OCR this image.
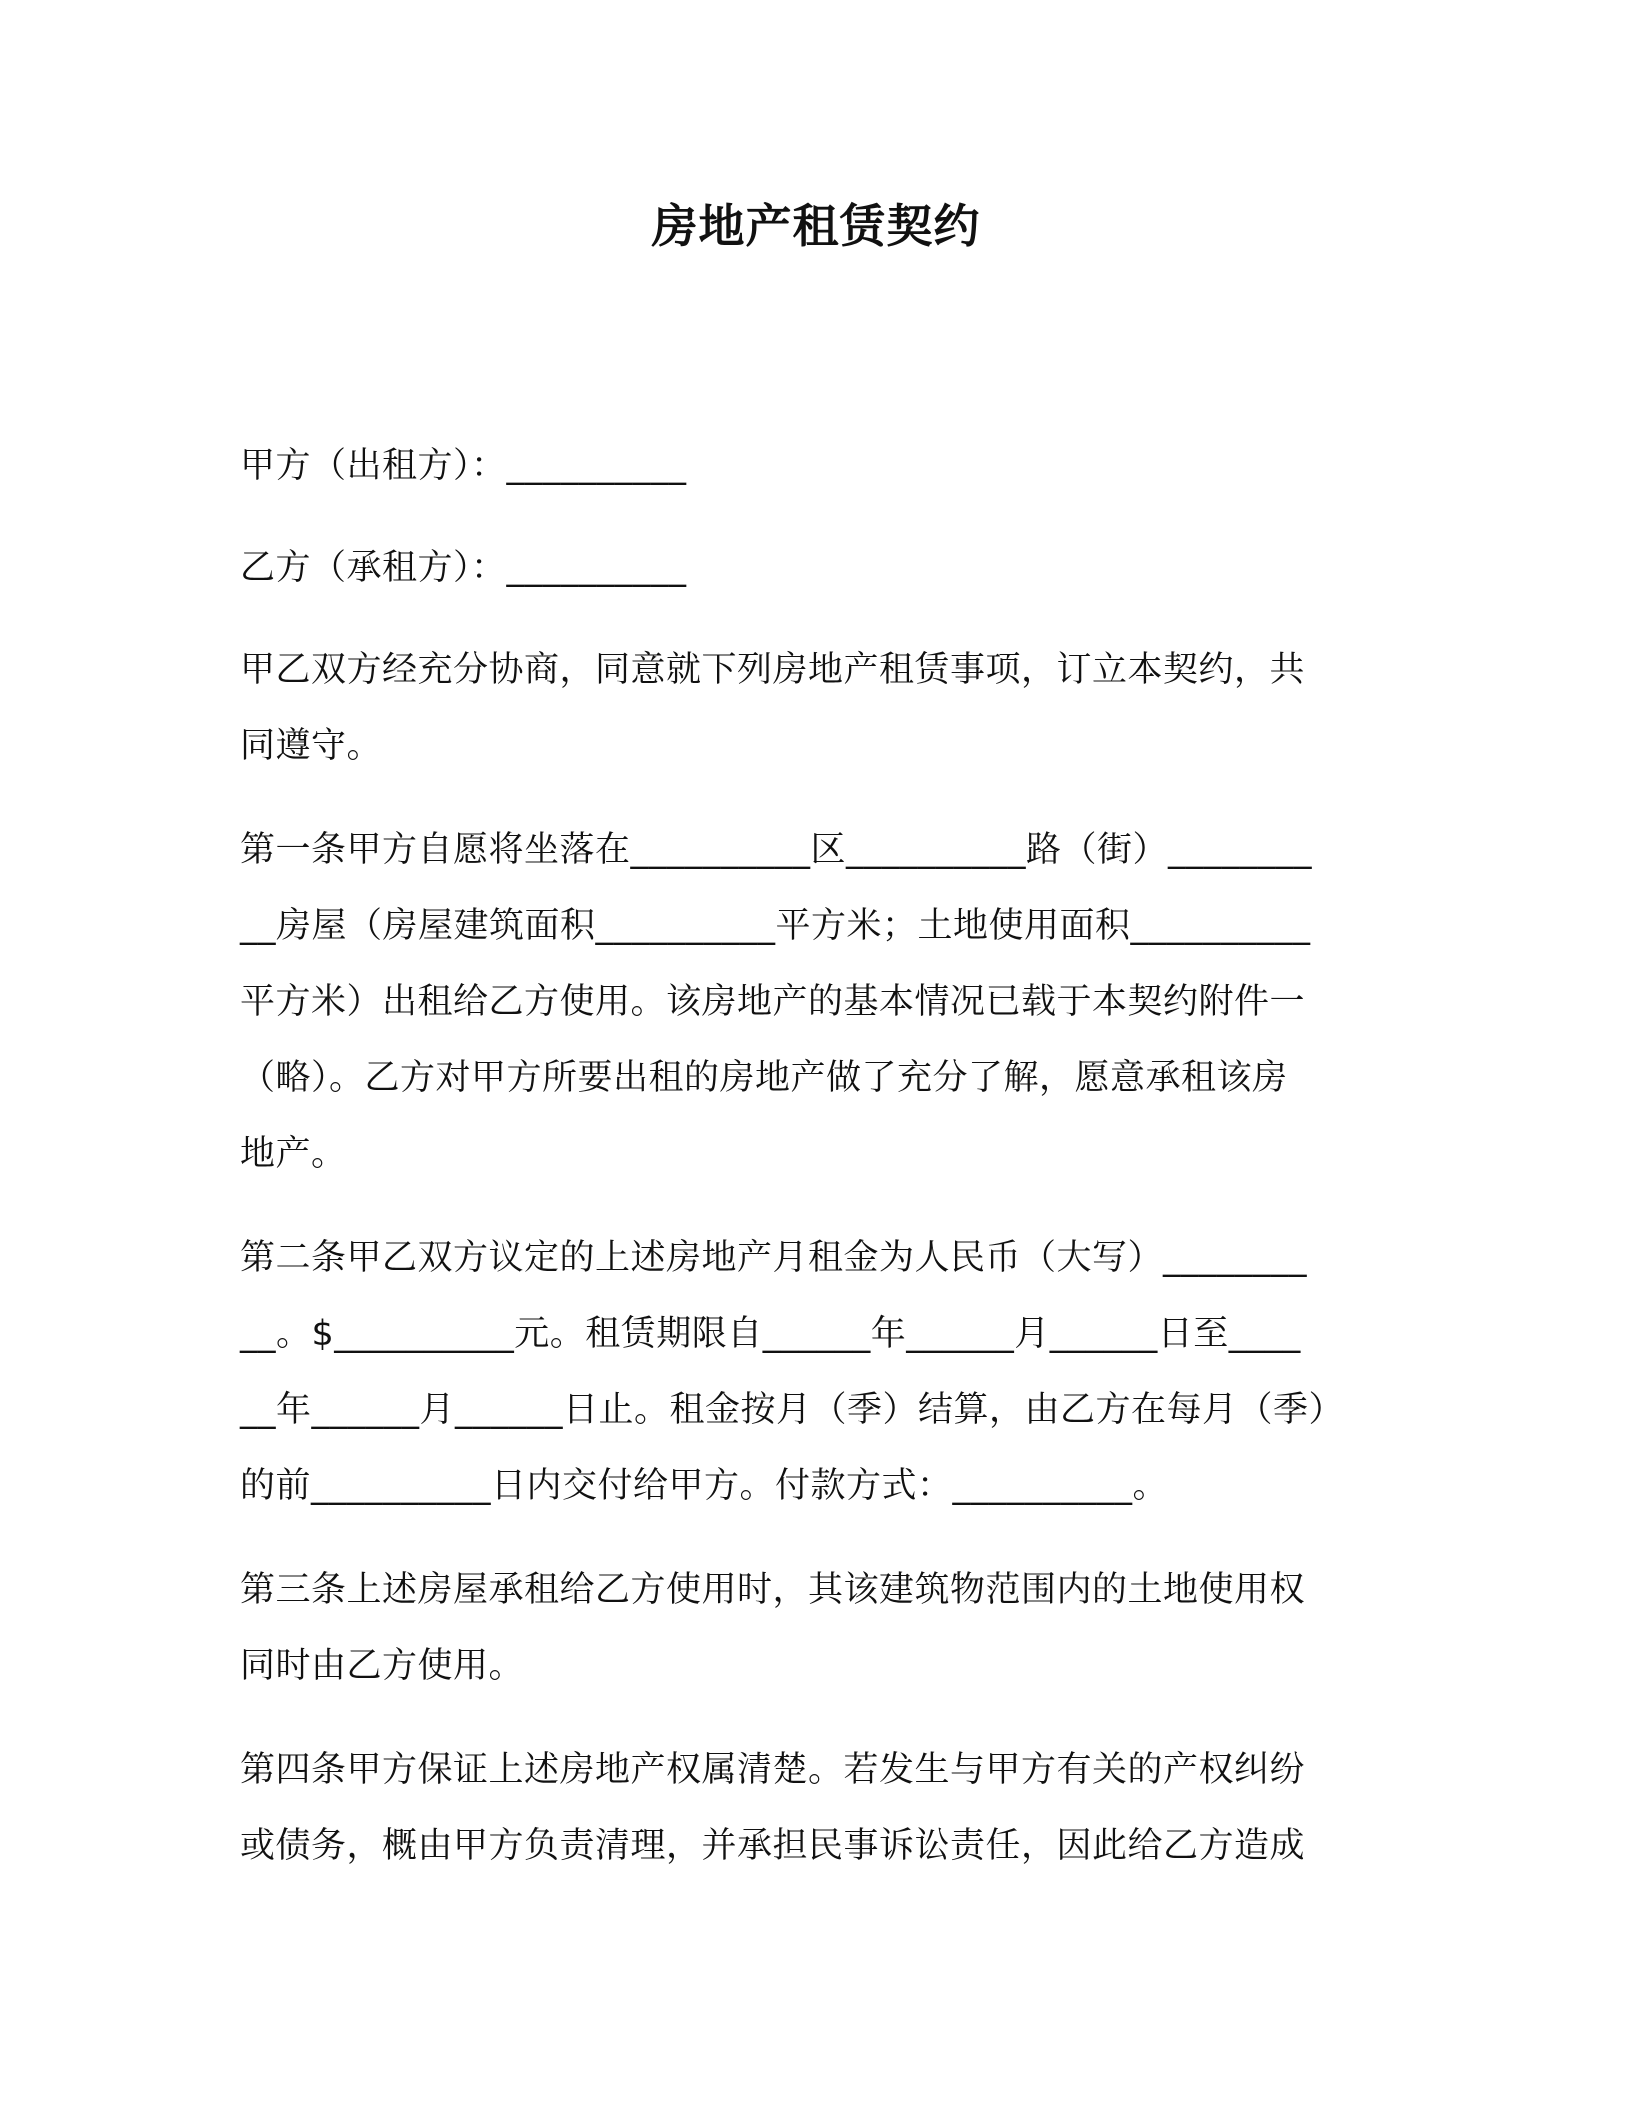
房地产租赁契约
甲方（出租方）：__________
乙方（承租方）：__________
甲乙双方经充分协商，同意就下列房地产租赁事项，订立本契约，共
同遵守。
第一条甲方自愿将坐落在__________区__________路（街）________
__房屋（房屋建筑面积__________平方米；土地使用面积__________
平方米）出租给乙方使用。该房地产的基本情况已载于本契约附件一
（略）。乙方对甲方所要出租的房地产做了充分了解，愿意承租该房
地产。
第二条甲乙双方议定的上述房地产月租金为人民币（大写）________
__。$__________元。租赁期限自______年______月______日至____
__年______月______日止。租金按月（季）结算，由乙方在每月（季）
的前__________日内交付给甲方。付款方式：__________。
第三条上述房屋承租给乙方使用时，其该建筑物范围内的土地使用权
同时由乙方使用。
第四条甲方保证上述房地产权属清楚。若发生与甲方有关的产权纠纷
或债务，概由甲方负责清理，并承担民事诉讼责任，因此给乙方造成
